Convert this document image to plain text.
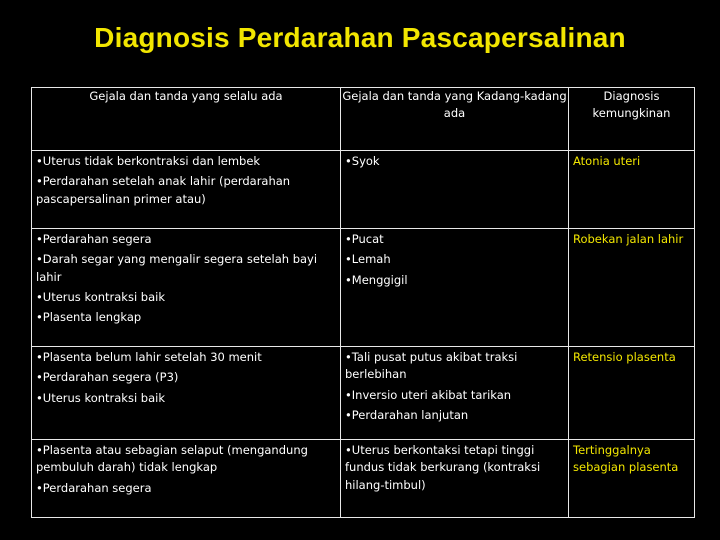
Diagnosis Perdarahan Pascapersalinan
Gejala dan tanda yang selalu ada	Gejala dan tanda yang Kadang-kadang ada	Diagnosis kemungkinan

•Uterus tidak berkontraksi dan lembek
•Perdarahan setelah anak lahir (perdarahan pascapersalinan primer atau)	•Syok	Atonia uteri

•Perdarahan segera
•Darah segar yang mengalir segera setelah bayi lahir
•Uterus kontraksi baik
•Plasenta lengkap	•Pucat
•Lemah
•Menggigil	Robekan jalan lahir

•Plasenta belum lahir setelah 30 menit
•Perdarahan segera (P3)
•Uterus kontraksi baik	•Tali pusat putus akibat traksi berlebihan
•Inversio uteri akibat tarikan
•Perdarahan lanjutan	Retensio plasenta

•Plasenta atau sebagian selaput (mengandung pembuluh darah) tidak lengkap
•Perdarahan segera	•Uterus berkontaksi tetapi tinggi fundus tidak berkurang (kontraksi hilang-timbul)	Tertinggalnya sebagian plasenta
